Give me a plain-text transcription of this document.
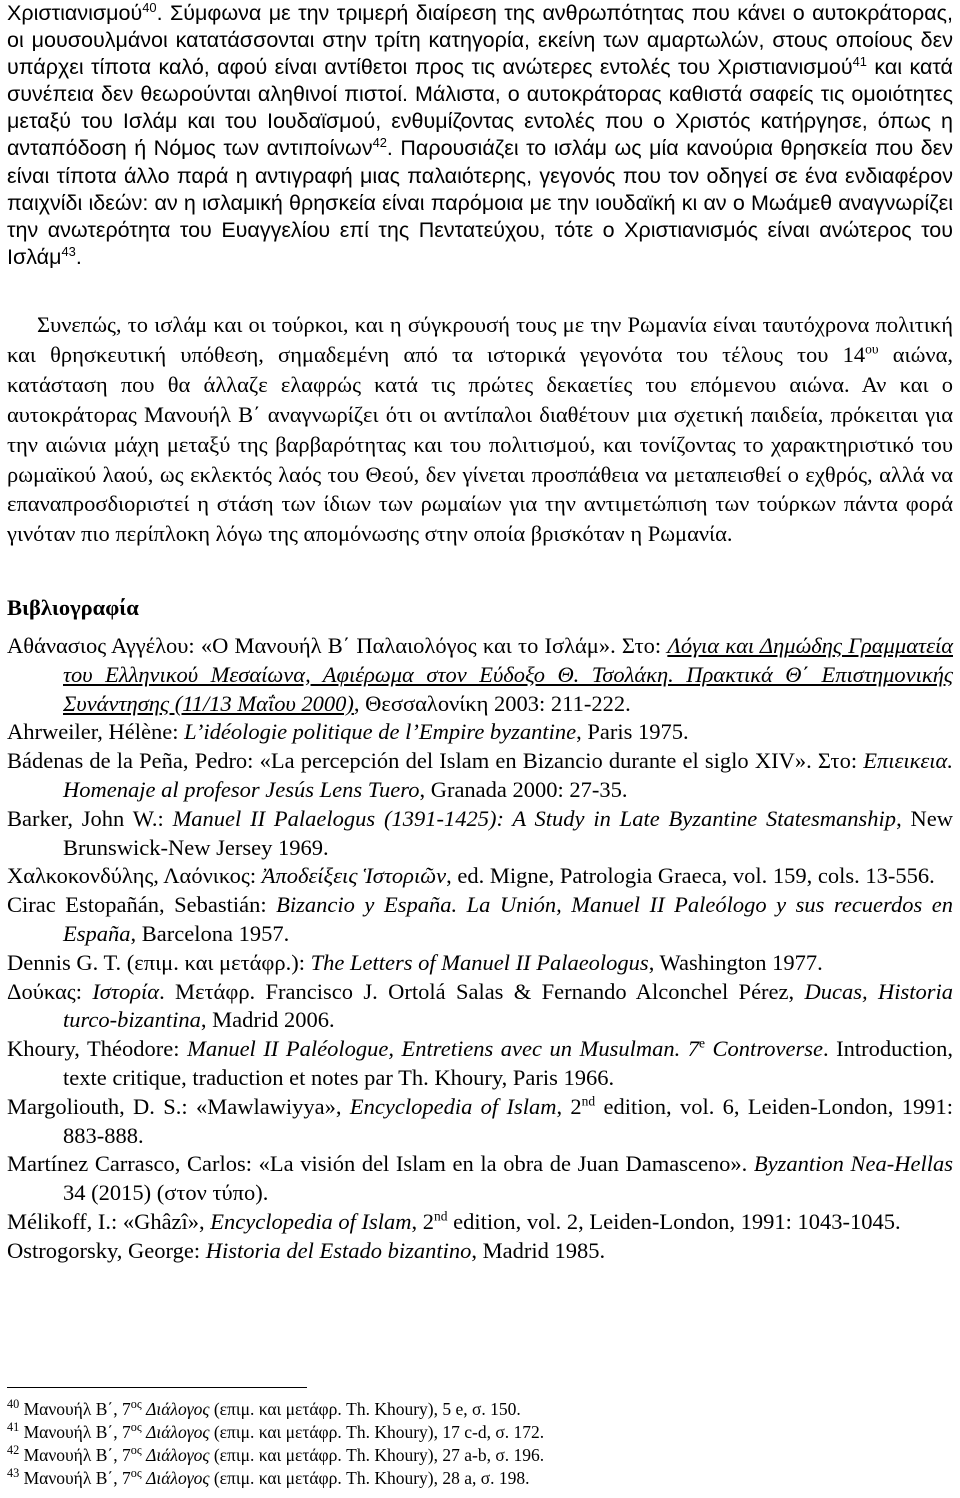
Χριστιανισμού$^{40}$. Σύμφωνα με την τριμερή διαίρεση της ανθρωπότητας που κάνει ο αυτοκράτορας, οι μουσουλμάνοι κατατάσσονται στην τρίτη κατηγορία, εκείνη των αμαρτωλών, στους οποίους δεν υπάρχει τίποτα καλό, αφού είναι αντίθετοι προς τις ανώτερες εντολές του Χριστιανισμού$^{41}$ και κατά συνέπεια δεν θεωρούνται αληθινοί πιστοί. Μάλιστα, ο αυτοκράτορας καθιστά σαφείς τις ομοιότητες μεταξύ του Ισλάμ και του Ιουδαϊσμού, ενθυμίζοντας εντολές που ο Χριστός κατήργησε, όπως η ανταπόδοση ή Νόμος των αντιποίνων$^{42}$. Παρουσιάζει το ισλάμ ως μία κανούρια θρησκεία που δεν είναι τίποτα άλλο παρά η αντιγραφή μιας παλαιότερης, γεγονός που τον οδηγεί σε ένα ενδιαφέρον παιχνίδι ιδεών: αν η ισλαμική θρησκεία είναι παρόμοια με την ιουδαϊκή κι αν ο Μωάμεθ αναγνωρίζει την ανωτερότητα του Ευαγγελίου επί της Πεντατεύχου, τότε ο Χριστιανισμός είναι ανώτερος του Ισλάμ$^{43}$.

Συνεπώς, το ισλάμ και οι τούρκοι, και η σύγκρουσή τους με την Ρωμανία είναι ταυτόχρονα πολιτική και θρησκευτική υπόθεση, σημαδεμένη από τα ιστορικά γεγονότα του τέλους του $14^{o\upsilon}$ αιώνα, κατάσταση που θα άλλαζε ελαφρώς κατά τις πρώτες δεκαετίες του επόμενου αιώνα. Αν και ο αυτοκράτορας Μανουήλ Β΄ αναγνωρίζει ότι οι αντίπαλοι διαθέτουν μια σχετική παιδεία, πρόκειται για την αιώνια μάχη μεταξύ της βαρβαρότητας και του πολιτισμού, και τονίζοντας το χαρακτηριστικό του ρωμαϊκού λαού, ως εκλεκτός λαός του Θεού, δεν γίνεται προσπάθεια να μεταπεισθεί ο εχθρός, αλλά να επαναπροσδιοριστεί η στάση των ίδιων των ρωμαίων για την αντιμετώπιση των τούρκων πάντα φορά γινόταν πιο περίπλοκη λόγω της απομόνωσης στην οποία βρισκόταν η Ρωμανία.

Βιβλιογραφία

Αθάνασιος Αγγέλου: «Ο Μανουήλ Β΄ Παλαιολόγος και το Ισλάμ». Στο: Λόγια και Δημώδης Γραμματεία του Ελληνικού Μεσαίωνα, Αφιέρωμα στον Εύδοξο Θ. Τσολάκη. Πρακτικά Θ΄ Επιστημονικής Συνάντησης (11/13 Μαΐου 2000), Θεσσαλονίκη 2003: 211-222.

Ahrweiler, Hélène: L’idéologie politique de l’Empire byzantine, Paris 1975.

Bádenas de la Peña, Pedro: «La percepción del Islam en Bizancio durante el siglo XIV». Στο: Επιεικεια. Homenaje al profesor Jesús Lens Tuero, Granada 2000: 27-35.

Barker, John W.: Manuel II Palaelogus (1391-1425): A Study in Late Byzantine Statesmanship, New Brunswick-New Jersey 1969.

Χαλκοκονδύλης, Λαόνικος: Ἀποδείξεις Ἱστοριῶν, ed. Migne, Patrologia Graeca, vol. 159, cols. 13-556.

Cirac Estopañán, Sebastián: Bizancio y España. La Unión, Manuel II Paleólogo y sus recuerdos en España, Barcelona 1957.

Dennis G. T. (επιμ. και μετάφρ.): The Letters of Manuel II Palaeologus, Washington 1977.

Δούκας: Ιστορία. Μετάφρ. Francisco J. Ortolá Salas & Fernando Alconchel Pérez, Ducas, Historia turco-bizantina, Madrid 2006.

Khoury, Théodore: Manuel II Paléologue, Entretiens avec un Musulman. 7e Controverse. Introduction, texte critique, traduction et notes par Th. Khoury, Paris 1966.

Margoliouth, D. S.: «Mawlawiyya», Encyclopedia of Islam, 2nd edition, vol. 6, Leiden-London, 1991: 883-888.

Martínez Carrasco, Carlos: «La visión del Islam en la obra de Juan Damasceno». Byzantion Nea-Hellas 34 (2015) (στον τύπο).

Mélikoff, I.: «Ghâzî», Encyclopedia of Islam, 2nd edition, vol. 2, Leiden-London, 1991: 1043-1045.

Ostrogorsky, George: Historia del Estado bizantino, Madrid 1985.

$^{40}$ Μανουήλ Β΄, $7^{o\varsigma}$ Διάλογος (επιμ. και μετάφρ. Th. Khoury), 5 e, σ. 150.

$^{41}$ Μανουήλ Β΄, $7^{o\varsigma}$ Διάλογος (επιμ. και μετάφρ. Th. Khoury), 17 c-d, σ. 172.

$^{42}$ Μανουήλ Β΄, $7^{o\varsigma}$ Διάλογος (επιμ. και μετάφρ. Th. Khoury), 27 a-b, σ. 196.

$^{43}$ Μανουήλ Β΄, $7^{o\varsigma}$ Διάλογος (επιμ. και μετάφρ. Th. Khoury), 28 a, σ. 198.
